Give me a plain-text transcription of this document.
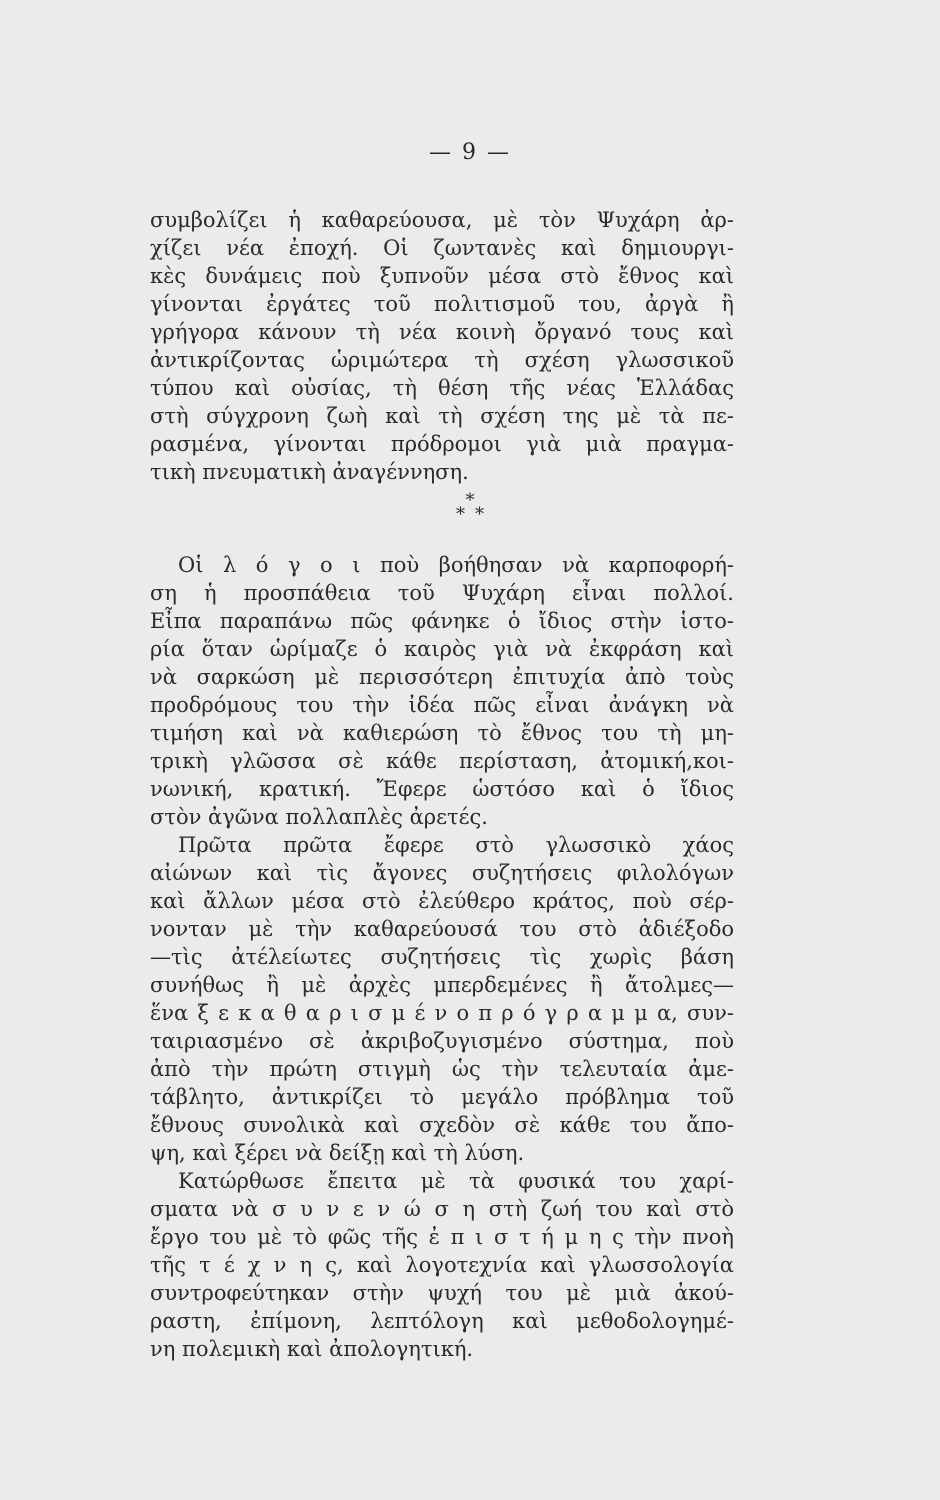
— 9 —
συμβολίζει ἡ καθαρεύουσα, μὲ τὸν Ψυχάρη ἀρ-
χίζει νέα ἐποχή. Οἱ ζωντανὲς καὶ δημιουργι-
κὲς δυνάμεις ποὺ ξυπνοῦν μέσα στὸ ἔθνος καὶ
γίνονται ἐργάτες τοῦ πολιτισμοῦ του, ἀργὰ ἢ
γρήγορα κάνουν τὴ νέα κοινὴ ὄργανό τους καὶ
ἀντικρίζοντας ὡριμώτερα τὴ σχέση γλωσσικοῦ
τύπου καὶ οὐσίας, τὴ θέση τῆς νέας Ἑλλάδας
στὴ σύγχρονη ζωὴ καὶ τὴ σχέση της μὲ τὰ πε-
ρασμένα, γίνονται πρόδρομοι γιὰ μιὰ πραγμα-
τικὴ πνευματικὴ ἀναγέννηση.
*
* *
Οἱ λ ό γ ο ι ποὺ βοήθησαν νὰ καρποφορή-
ση ἡ προσπάθεια τοῦ Ψυχάρη εἶναι πολλοί.
Εἶπα παραπάνω πῶς φάνηκε ὁ ἴδιος στὴν ἱστο-
ρία ὅταν ὡρίμαζε ὁ καιρὸς γιὰ νὰ ἐκφράση καὶ
νὰ σαρκώση μὲ περισσότερη ἐπιτυχία ἀπὸ τοὺς
προδρόμους του τὴν ἰδέα πῶς εἶναι ἀνάγκη νὰ
τιμήση καὶ νὰ καθιερώση τὸ ἔθνος του τὴ μη-
τρικὴ γλῶσσα σὲ κάθε περίσταση, ἀτομική,κοι-
νωνική, κρατική. Ἔφερε ὡστόσο καὶ ὁ ἴδιος
στὸν ἀγῶνα πολλαπλὲς ἀρετές.
Πρῶτα πρῶτα ἔφερε στὸ γλωσσικὸ χάος
αἰώνων καὶ τὶς ἄγονες συζητήσεις φιλολόγων
καὶ ἄλλων μέσα στὸ ἐλεύθερο κράτος, ποὺ σέρ-
νονταν μὲ τὴν καθαρεύουσά του στὸ ἀδιέξοδο
—τὶς ἀτέλείωτες συζητήσεις τὶς χωρὶς βάση
συνήθως ἢ μὲ ἀρχὲς μπερδεμένες ἢ ἄτολμες—
ἕνα ξ ε κ α θ α ρ ι σ μ έ ν ο π ρ ό γ ρ α μ μ α, συν-
ταιριασμένο σὲ ἀκριβοζυγισμένο σύστημα, ποὺ
ἀπὸ τὴν πρώτη στιγμὴ ὡς τὴν τελευταία ἀμε-
τάβλητο, ἀντικρίζει τὸ μεγάλο πρόβλημα τοῦ
ἔθνους συνολικὰ καὶ σχεδὸν σὲ κάθε του ἄπο-
ψη, καὶ ξέρει νὰ δείξῃ καὶ τὴ λύση.
Κατώρθωσε ἔπειτα μὲ τὰ φυσικά του χαρί-
σματα νὰ σ υ ν ε ν ώ σ η στὴ ζωή του καὶ στὸ
ἔργο του μὲ τὸ φῶς τῆς ἐ π ι σ τ ή μ η ς τὴν πνοὴ
τῆς τ έ χ ν η ς, καὶ λογοτεχνία καὶ γλωσσολογία
συντροφεύτηκαν στὴν ψυχή του μὲ μιὰ ἀκού-
ραστη, ἐπίμονη, λεπτόλογη καὶ μεθοδολογημέ-
νη πολεμικὴ καὶ ἀπολογητική.
